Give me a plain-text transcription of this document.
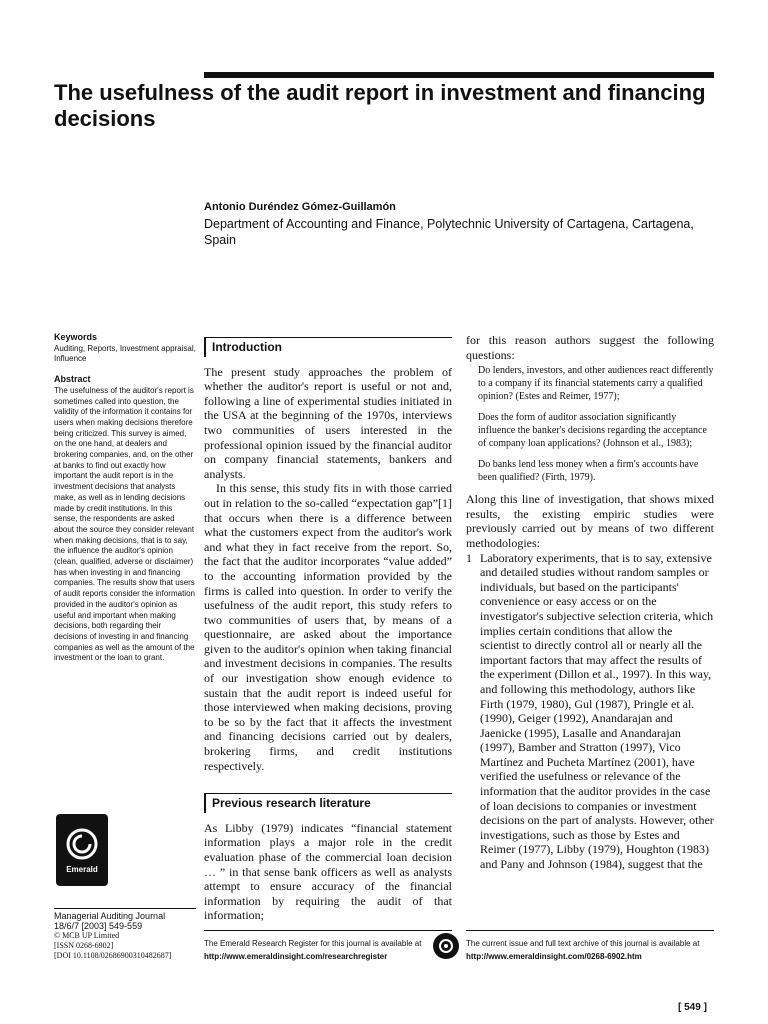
The usefulness of the audit report in investment and financing decisions
Antonio Duréndez Gómez-Guillamón
Department of Accounting and Finance, Polytechnic University of Cartagena, Cartagena, Spain
Keywords

Auditing, Reports, Investment appraisal, Influence

Abstract

The usefulness of the auditor's report is sometimes called into question, the validity of the information it contains for users when making decisions therefore being criticized. This survey is aimed, on the one hand, at dealers and brokering companies, and, on the other at banks to find out exactly how important the audit report is in the investment decisions that analysts make, as well as in lending decisions made by credit institutions. In this sense, the respondents are asked about the source they consider relevant when making decisions, that is to say, the influence the auditor's opinion (clean, qualified, adverse or disclaimer) has when investing in and financing companies. The results show that users of audit reports consider the information provided in the auditor's opinion as useful and important when making decisions, both regarding their decisions of investing in and financing companies as well as the amount of the investment or the loan to grant.

Emerald
Managerial Auditing Journal
18/6/7 [2003] 549-559
© MCB UP Limited
[ISSN 0268-6902]
[DOI 10.1108/02686900310482687]
Introduction

The present study approaches the problem of whether the auditor's report is useful or not and, following a line of experimental studies initiated in the USA at the beginning of the 1970s, interviews two communities of users interested in the professional opinion issued by the financial auditor on company financial statements, bankers and analysts.

In this sense, this study fits in with those carried out in relation to the so-called “expectation gap”[1] that occurs when there is a difference between what the customers expect from the auditor's work and what they in fact receive from the report. So, the fact that the auditor incorporates “value added” to the accounting information provided by the firms is called into question. In order to verify the usefulness of the audit report, this study refers to two communities of users that, by means of a questionnaire, are asked about the importance given to the auditor's opinion when taking financial and investment decisions in companies. The results of our investigation show enough evidence to sustain that the audit report is indeed useful for those interviewed when making decisions, proving to be so by the fact that it affects the investment and financing decisions carried out by dealers, brokering firms, and credit institutions respectively.

Previous research literature

As Libby (1979) indicates “financial statement information plays a major role in the credit evaluation phase of the commercial loan decision … ” in that sense bank officers as well as analysts attempt to ensure accuracy of the financial information by requiring the audit of that information;

for this reason authors suggest the following questions:

Do lenders, investors, and other audiences react differently to a company if its financial statements carry a qualified opinion? (Estes and Reimer, 1977);

Does the form of auditor association significantly influence the banker's decisions regarding the acceptance of company loan applications? (Johnson et al., 1983);

Do banks lend less money when a firm's accounts have been qualified? (Firth, 1979).

Along this line of investigation, that shows mixed results, the existing empiric studies were previously carried out by means of two different methodologies:

1 Laboratory experiments, that is to say, extensive and detailed studies without random samples or individuals, but based on the participants' convenience or easy access or on the investigator's subjective selection criteria, which implies certain conditions that allow the scientist to directly control all or nearly all the important factors that may affect the results of the experiment (Dillon et al., 1997). In this way, and following this methodology, authors like Firth (1979, 1980), Gul (1987), Pringle et al. (1990), Geiger (1992), Anandarajan and Jaenicke (1995), Lasalle and Anandarajan (1997), Bamber and Stratton (1997), Vico Martínez and Pucheta Martínez (2001), have verified the usefulness or relevance of the information that the auditor provides in the case of loan decisions to companies or investment decisions on the part of analysts. However, other investigations, such as those by Estes and Reimer (1977), Libby (1979), Houghton (1983) and Pany and Johnson (1984), suggest that the
The Emerald Research Register for this journal is available at
http://www.emeraldinsight.com/researchregister
The current issue and full text archive of this journal is available at
http://www.emeraldinsight.com/0268-6902.htm
[ 549 ]
